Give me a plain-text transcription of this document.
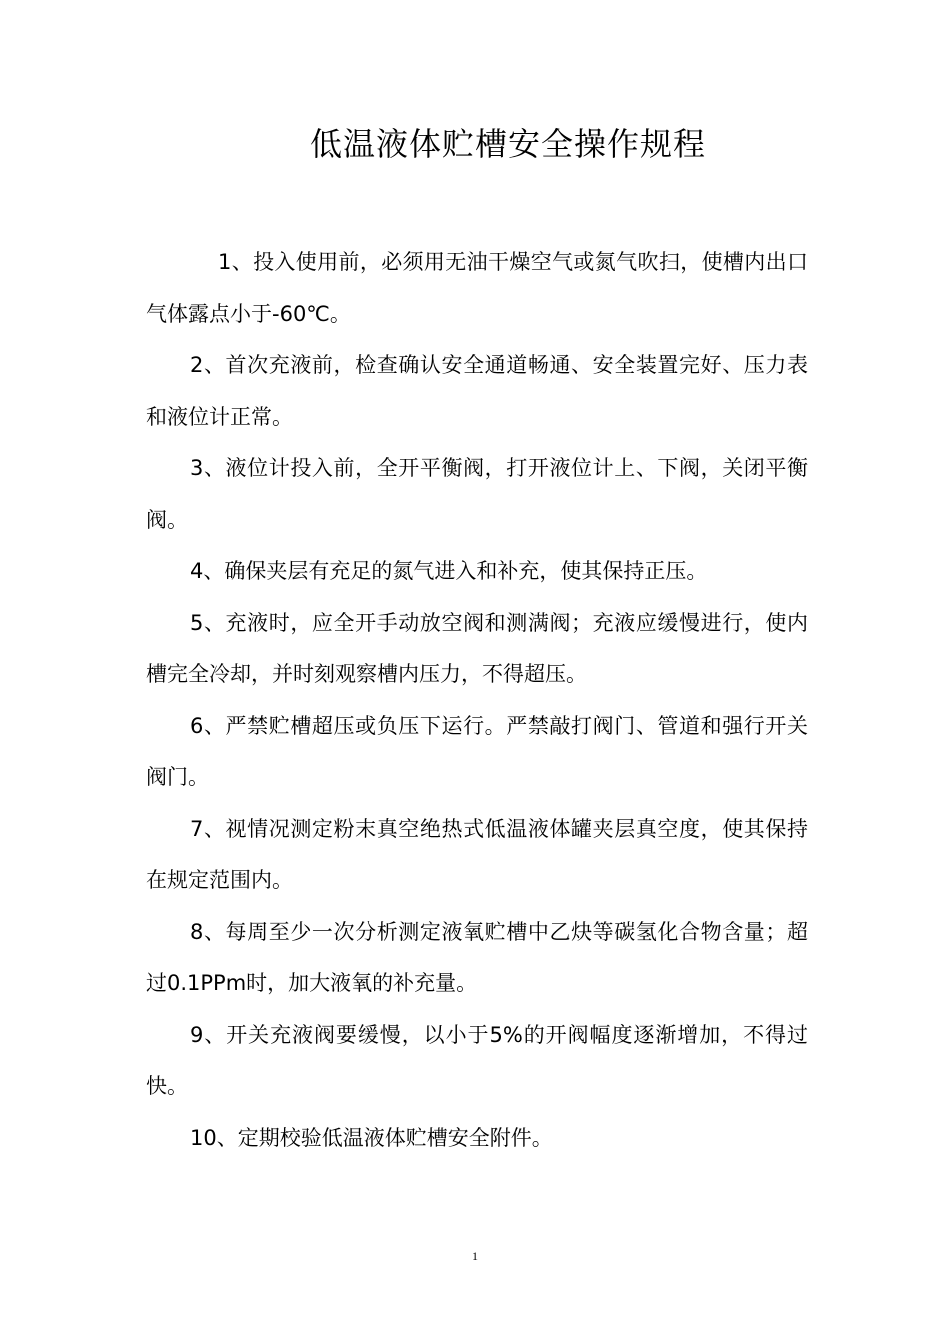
低温液体贮槽安全操作规程

1、投入使用前，必须用无油干燥空气或氮气吹扫，使槽内出口气体露点小于-60℃。

2、首次充液前，检查确认安全通道畅通、安全装置完好、压力表和液位计正常。

3、液位计投入前，全开平衡阀，打开液位计上、下阀，关闭平衡阀。

4、确保夹层有充足的氮气进入和补充，使其保持正压。

5、充液时，应全开手动放空阀和测满阀；充液应缓慢进行，使内槽完全冷却，并时刻观察槽内压力，不得超压。

6、严禁贮槽超压或负压下运行。严禁敲打阀门、管道和强行开关阀门。

7、视情况测定粉末真空绝热式低温液体罐夹层真空度，使其保持在规定范围内。

8、每周至少一次分析测定液氧贮槽中乙炔等碳氢化合物含量；超过0.1PPm时，加大液氧的补充量。

9、开关充液阀要缓慢，以小于5%的开阀幅度逐渐增加，不得过快。

10、定期校验低温液体贮槽安全附件。

1
